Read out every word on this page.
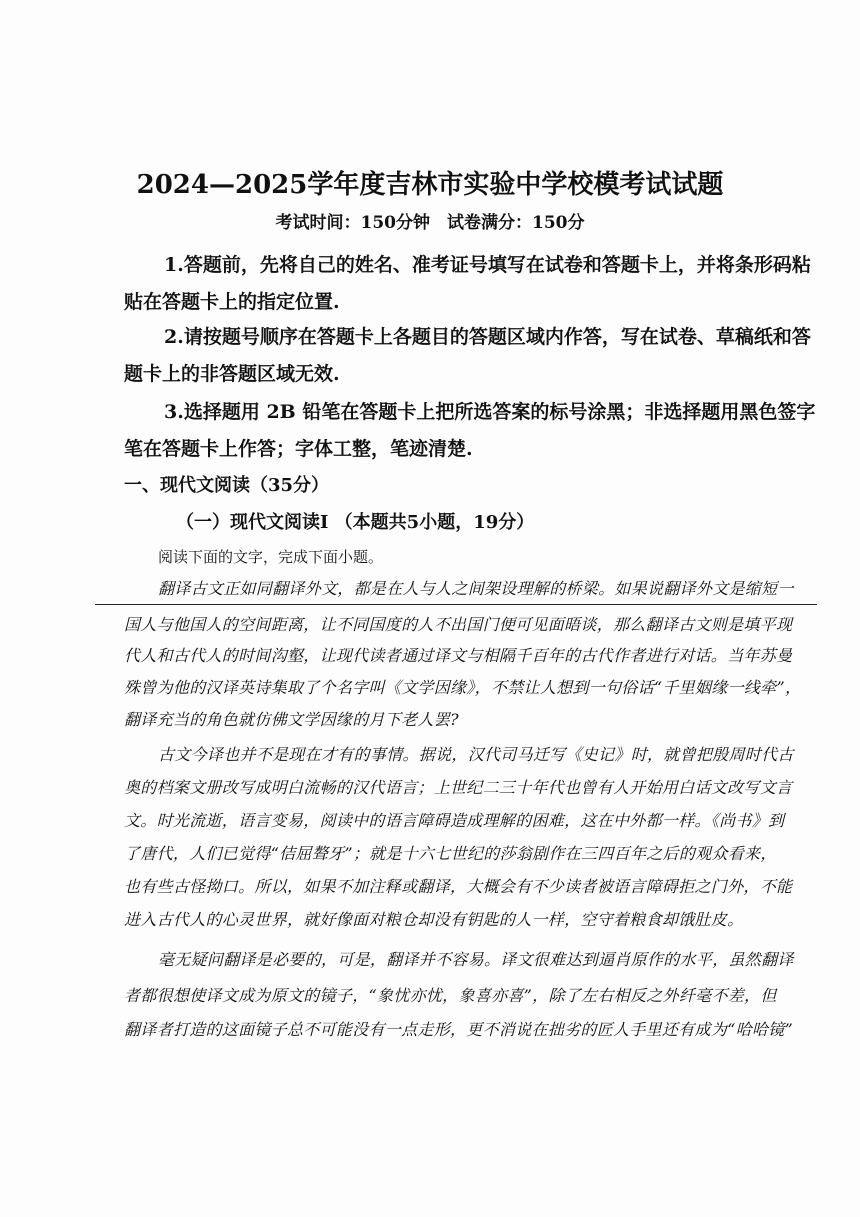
2024—2025学年度吉林市实验中学校模考试试题
考试时间：150分钟　试卷满分：150分
1.答题前，先将自己的姓名、准考证号填写在试卷和答题卡上，并将条形码粘
贴在答题卡上的指定位置.
2.请按题号顺序在答题卡上各题目的答题区域内作答，写在试卷、草稿纸和答
题卡上的非答题区域无效.
3.选择题用 2B 铅笔在答题卡上把所选答案的标号涂黑；非选择题用黑色签字
笔在答题卡上作答；字体工整，笔迹清楚.
一、现代文阅读（35分）
（一）现代文阅读Ⅰ （本题共5小题，19分）
阅读下面的文字，完成下面小题。
翻译古文正如同翻译外文，都是在人与人之间架设理解的桥梁。如果说翻译外文是缩短一
国人与他国人的空间距离，让不同国度的人不出国门便可见面晤谈，那么翻译古文则是填平现
代人和古代人的时间沟壑，让现代读者通过译文与相隔千百年的古代作者进行对话。当年苏曼
殊曾为他的汉译英诗集取了个名字叫《文学因缘》，不禁让人想到一句俗话“千里姻缘一线牵”，
翻译充当的角色就仿佛文学因缘的月下老人罢?
古文今译也并不是现在才有的事情。据说，汉代司马迁写《史记》时，就曾把殷周时代古
奥的档案文册改写成明白流畅的汉代语言；上世纪二三十年代也曾有人开始用白话文改写文言
文。时光流逝，语言变易，阅读中的语言障碍造成理解的困难，这在中外都一样。《尚书》到
了唐代，人们已觉得“佶屈聱牙”；就是十六七世纪的莎翁剧作在三四百年之后的观众看来，
也有些古怪拗口。所以，如果不加注释或翻译，大概会有不少读者被语言障碍拒之门外，不能
进入古代人的心灵世界，就好像面对粮仓却没有钥匙的人一样，空守着粮食却饿肚皮。
毫无疑问翻译是必要的，可是，翻译并不容易。译文很难达到逼肖原作的水平，虽然翻译
者都很想使译文成为原文的镜子，“象忧亦忧，象喜亦喜”，除了左右相反之外纤毫不差，但
翻译者打造的这面镜子总不可能没有一点走形，更不消说在拙劣的匠人手里还有成为“哈哈镜”
